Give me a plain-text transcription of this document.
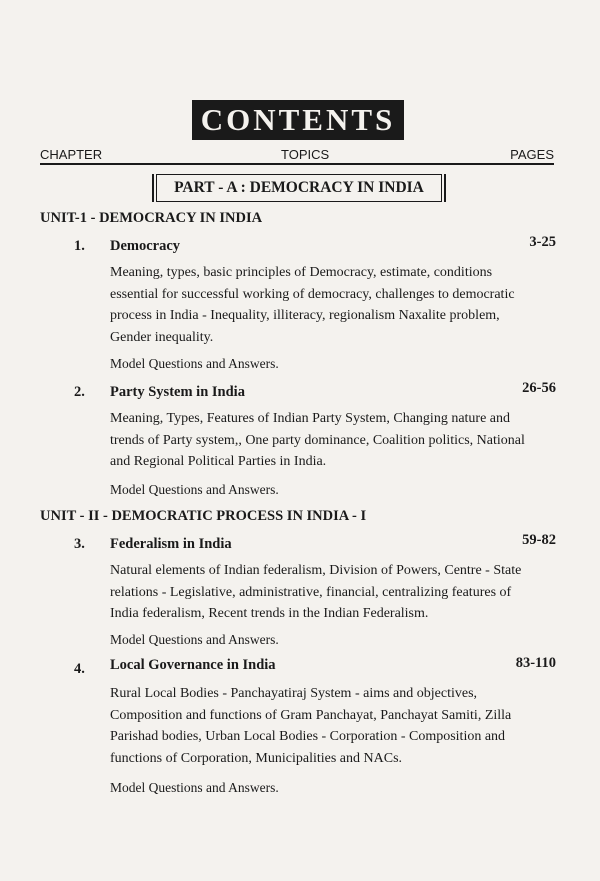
CONTENTS
CHAPTER	TOPICS	PAGES
PART - A : DEMOCRACY IN INDIA
UNIT-1 - DEMOCRACY IN INDIA
1. Democracy	3-25
Meaning, types, basic principles of Democracy, estimate, conditions essential for successful working of democracy, challenges to democratic process in India - Inequality, illiteracy, regionalism Naxalite problem, Gender inequality.
Model Questions and Answers.
2. Party System in India	26-56
Meaning, Types, Features of Indian Party System, Changing nature and trends of Party system,, One party dominance, Coalition politics, National and Regional Political Parties in India.
Model Questions and Answers.
UNIT - II - DEMOCRATIC PROCESS IN INDIA - I
3. Federalism in India	59-82
Natural elements of Indian federalism, Division of Powers, Centre - State relations - Legislative, administrative, financial, centralizing features of India federalism, Recent trends in the Indian Federalism.
Model Questions and Answers.
4. Local Governance in India	83-110
Rural Local Bodies - Panchayatiraj System - aims and objectives, Composition and functions of Gram Panchayat, Panchayat Samiti, Zilla Parishad bodies, Urban Local Bodies - Corporation - Composition and functions of Corporation, Municipalities and NACs.
Model Questions and Answers.
